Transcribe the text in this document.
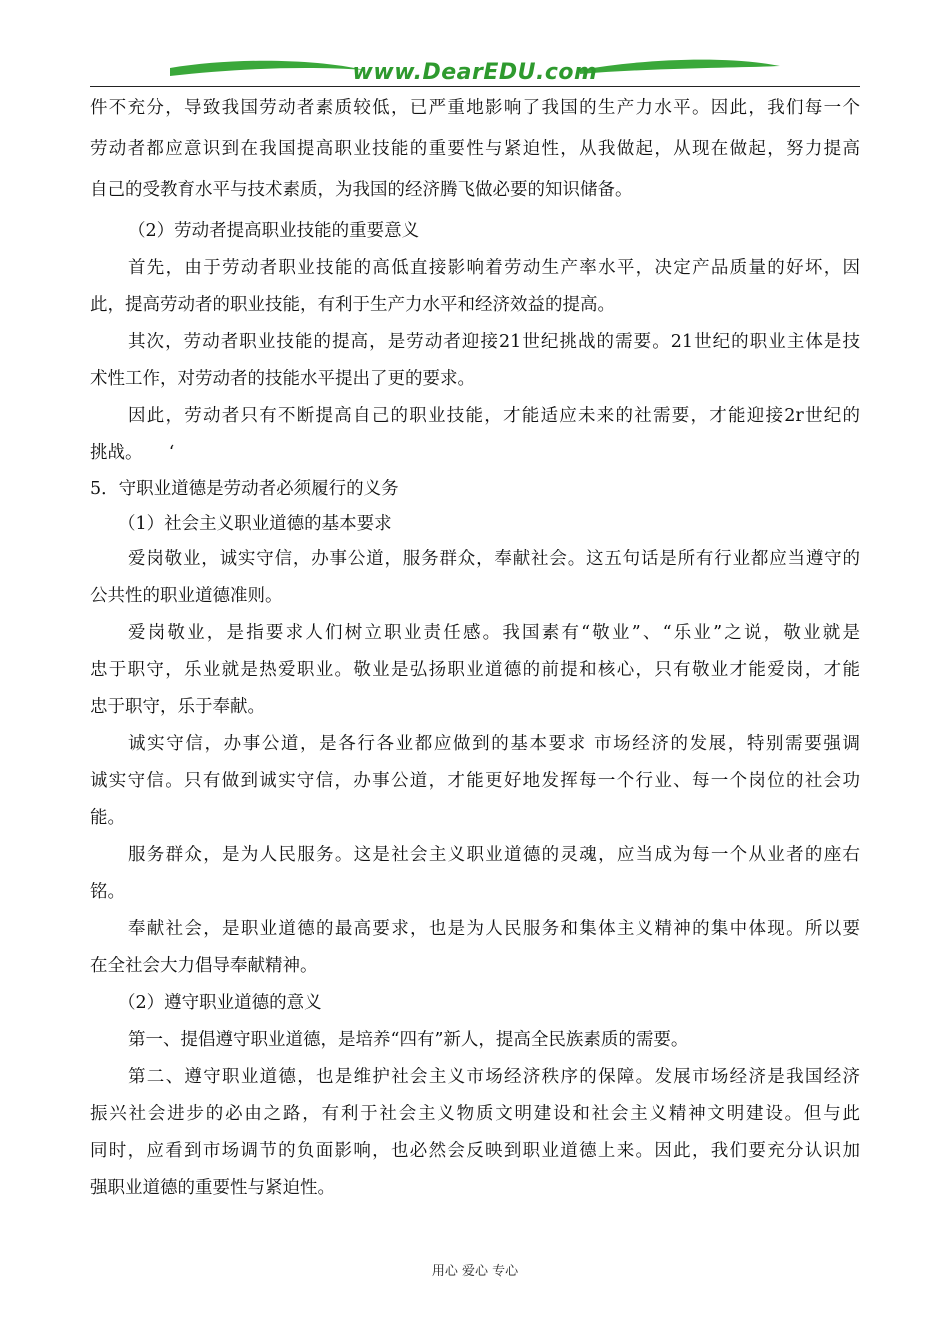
www.DearEDU.com
件不充分，导致我国劳动者素质较低，已严重地影响了我国的生产力水平。因此，我们每一个
劳动者都应意识到在我国提高职业技能的重要性与紧迫性，从我做起，从现在做起，努力提高
自己的受教育水平与技术素质，为我国的经济腾飞做必要的知识储备。
（2）劳动者提高职业技能的重要意义
首先，由于劳动者职业技能的高低直接影响着劳动生产率水平，决定产品质量的好坏，因
此，提高劳动者的职业技能，有利于生产力水平和经济效益的提高。
其次，劳动者职业技能的提高，是劳动者迎接21世纪挑战的需要。21世纪的职业主体是技
术性工作，对劳动者的技能水平提出了更的要求。
因此，劳动者只有不断提高自己的职业技能，才能适应未来的社需要，才能迎接2r世纪的
挑战。　　‘
5．守职业道德是劳动者必须履行的义务
（1）社会主义职业道德的基本要求
爱岗敬业，诚实守信，办事公道，服务群众，奉献社会。这五句话是所有行业都应当遵守的
公共性的职业道德准则。
爱岗敬业，是指要求人们树立职业责任感。我国素有“敬业”、“乐业”之说，敬业就是
忠于职守，乐业就是热爱职业。敬业是弘扬职业道德的前提和核心，只有敬业才能爱岗，才能
忠于职守，乐于奉献。
诚实守信，办事公道，是各行各业都应做到的基本要求 市场经济的发展，特别需要强调
诚实守信。只有做到诚实守信，办事公道，才能更好地发挥每一个行业、每一个岗位的社会功
能。
服务群众，是为人民服务。这是社会主义职业道德的灵魂，应当成为每一个从业者的座右
铭。
奉献社会，是职业道德的最高要求，也是为人民服务和集体主义精神的集中体现。所以要
在全社会大力倡导奉献精神。
（2）遵守职业道德的意义
第一、提倡遵守职业道德，是培养“四有”新人，提高全民族素质的需要。
第二、遵守职业道德，也是维护社会主义市场经济秩序的保障。发展市场经济是我国经济
振兴社会进步的必由之路，有利于社会主义物质文明建设和社会主义精神文明建设。但与此
同时，应看到市场调节的负面影响，也必然会反映到职业道德上来。因此，我们要充分认识加
强职业道德的重要性与紧迫性。
用心 爱心 专心
